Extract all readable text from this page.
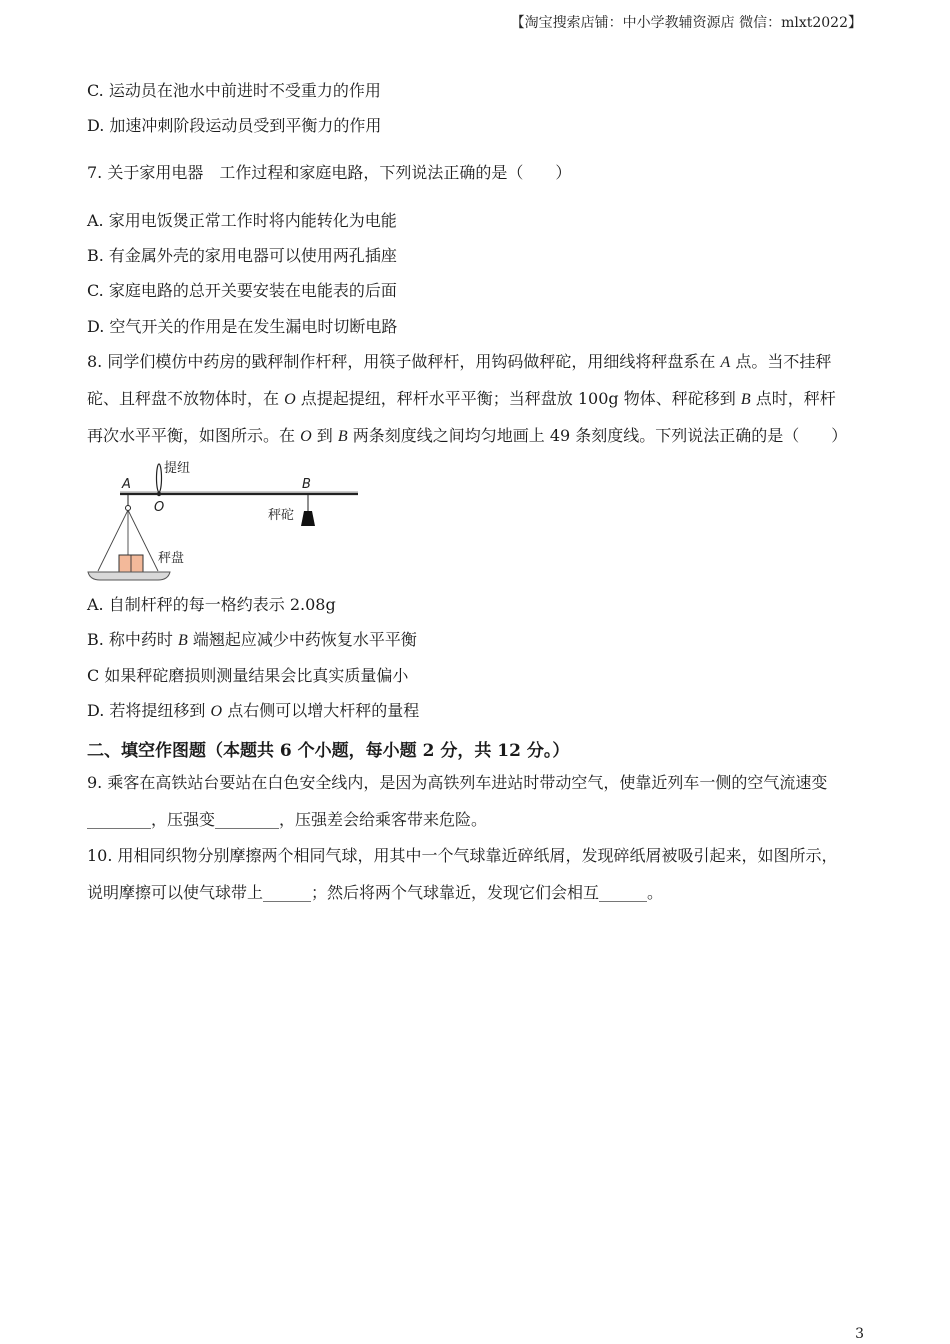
【淘宝搜索店铺：中小学教辅资源店 微信：mlxt2022】
C. 运动员在池水中前进时不受重力的作用
D. 加速冲刺阶段运动员受到平衡力的作用
7. 关于家用电器　工作过程和家庭电路，下列说法正确的是（　　）
A. 家用电饭煲正常工作时将内能转化为电能
B. 有金属外壳的家用电器可以使用两孔插座
C. 家庭电路的总开关要安装在电能表的后面
D. 空气开关的作用是在发生漏电时切断电路
8. 同学们模仿中药房的戥秤制作杆秤，用筷子做秤杆，用钩码做秤砣，用细线将秤盘系在 A 点。当不挂秤
砣、且秤盘不放物体时，在 O 点提起提纽，秤杆水平平衡；当秤盘放 100g 物体、秤砣移到 B 点时，秤杆
再次水平平衡，如图所示。在 O 到 B 两条刻度线之间均匀地画上 49 条刻度线。下列说法正确的是（　　）
提纽
A
O
B
秤砣
秤盘
A. 自制杆秤的每一格约表示 2.08g
B. 称中药时 B 端翘起应减少中药恢复水平平衡
C 如果秤砣磨损则测量结果会比真实质量偏小
D. 若将提纽移到 O 点右侧可以增大杆秤的量程
二、填空作图题（本题共 6 个小题，每小题 2 分，共 12 分。）
9. 乘客在高铁站台要站在白色安全线内，是因为高铁列车进站时带动空气，使靠近列车一侧的空气流速变
________，压强变________，压强差会给乘客带来危险。
10. 用相同织物分别摩擦两个相同气球，用其中一个气球靠近碎纸屑，发现碎纸屑被吸引起来，如图所示，
说明摩擦可以使气球带上______；然后将两个气球靠近，发现它们会相互______。
3
